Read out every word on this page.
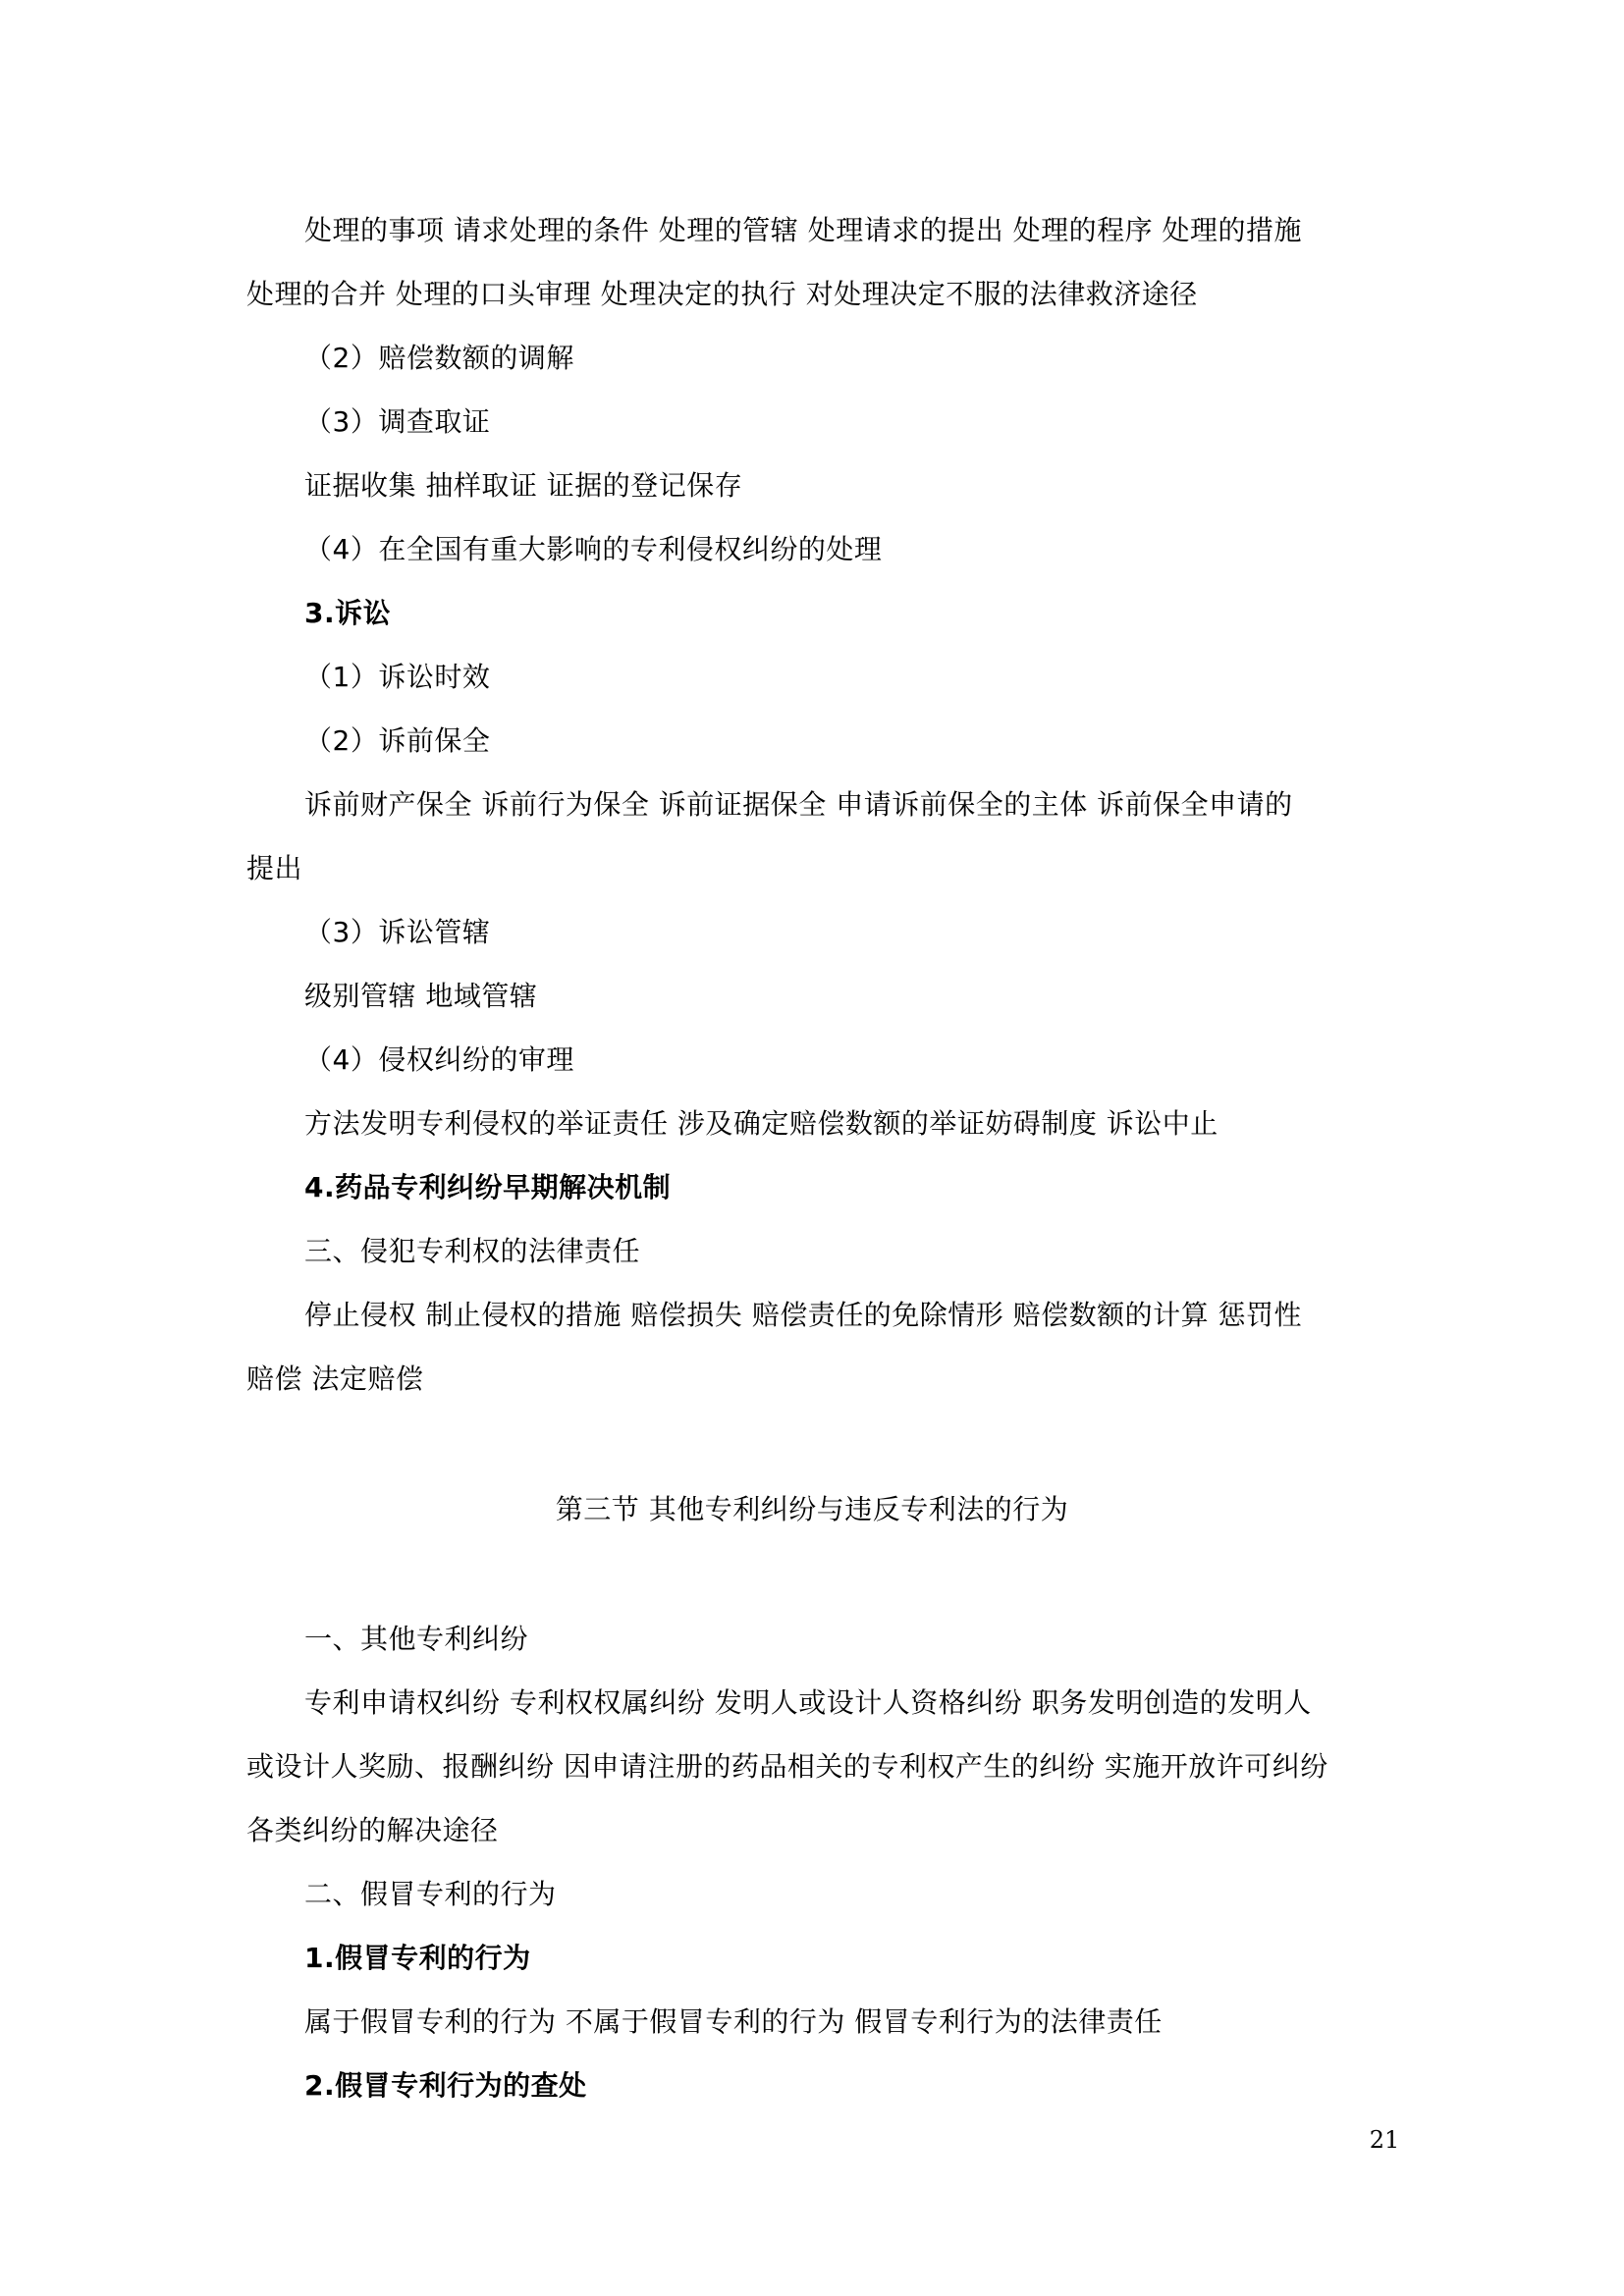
处理的事项 请求处理的条件 处理的管辖 处理请求的提出 处理的程序 处理的措施
处理的合并 处理的口头审理 处理决定的执行 对处理决定不服的法律救济途径
（2）赔偿数额的调解
（3）调查取证
证据收集 抽样取证 证据的登记保存
（4）在全国有重大影响的专利侵权纠纷的处理
3.诉讼
（1）诉讼时效
（2）诉前保全
诉前财产保全 诉前行为保全 诉前证据保全 申请诉前保全的主体 诉前保全申请的
提出
（3）诉讼管辖
级别管辖 地域管辖
（4）侵权纠纷的审理
方法发明专利侵权的举证责任 涉及确定赔偿数额的举证妨碍制度 诉讼中止
4.药品专利纠纷早期解决机制
三、侵犯专利权的法律责任
停止侵权 制止侵权的措施 赔偿损失 赔偿责任的免除情形 赔偿数额的计算 惩罚性
赔偿 法定赔偿
第三节 其他专利纠纷与违反专利法的行为
一、其他专利纠纷
专利申请权纠纷 专利权权属纠纷 发明人或设计人资格纠纷 职务发明创造的发明人
或设计人奖励、报酬纠纷 因申请注册的药品相关的专利权产生的纠纷 实施开放许可纠纷
各类纠纷的解决途径
二、假冒专利的行为
1.假冒专利的行为
属于假冒专利的行为 不属于假冒专利的行为 假冒专利行为的法律责任
2.假冒专利行为的查处
21
